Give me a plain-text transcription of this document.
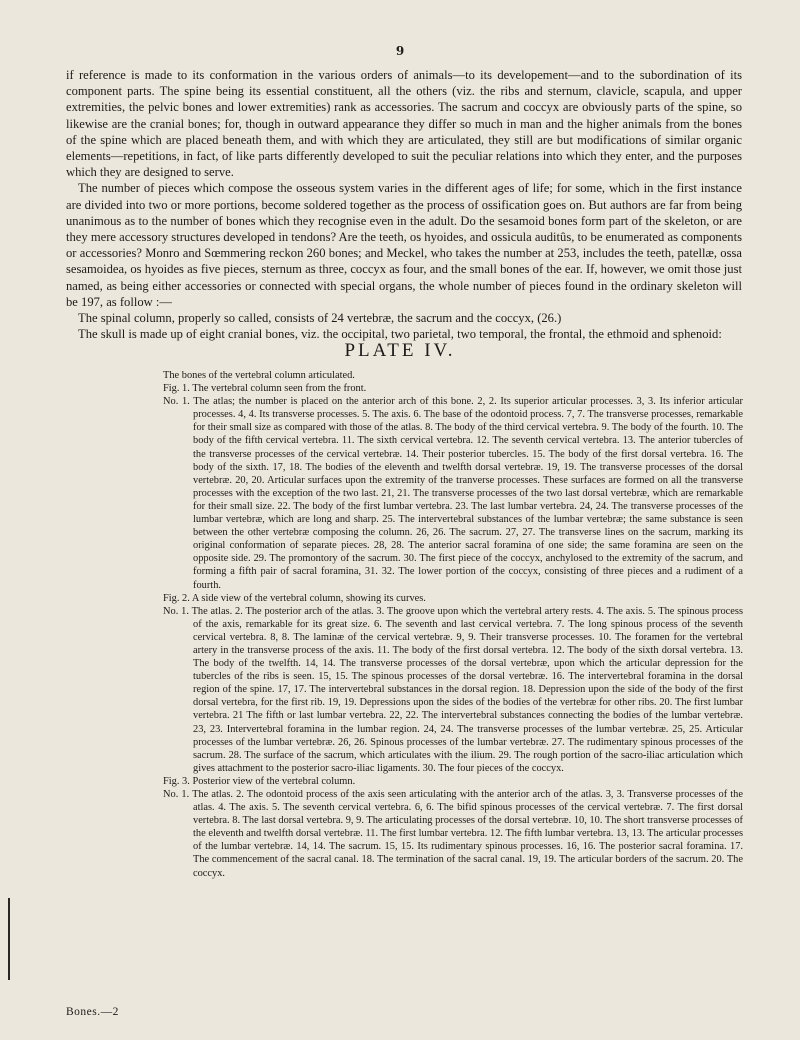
9

if reference is made to its conformation in the various orders of animals—to its developement—and to the subordination of its component parts. The spine being its essential constituent, all the others (viz. the ribs and sternum, clavicle, scapula, and upper extremities, the pelvic bones and lower extremities) rank as accessories. The sacrum and coccyx are obviously parts of the spine, so likewise are the cranial bones; for, though in outward appearance they differ so much in man and the higher animals from the bones of the spine which are placed beneath them, and with which they are articulated, they still are but modifications of similar organic elements—repetitions, in fact, of like parts differently developed to suit the peculiar relations into which they enter, and the purposes which they are designed to serve.

The number of pieces which compose the osseous system varies in the different ages of life; for some, which in the first instance are divided into two or more portions, become soldered together as the process of ossification goes on. But authors are far from being unanimous as to the number of bones which they recognise even in the adult. Do the sesamoid bones form part of the skeleton, or are they mere accessory structures developed in tendons? Are the teeth, os hyoides, and ossicula auditûs, to be enumerated as components or accessories? Monro and Sœmmering reckon 260 bones; and Meckel, who takes the number at 253, includes the teeth, patellæ, ossa sesamoidea, os hyoides as five pieces, sternum as three, coccyx as four, and the small bones of the ear. If, however, we omit those just named, as being either accessories or connected with special organs, the whole number of pieces found in the ordinary skeleton will be 197, as follow :—

The spinal column, properly so called, consists of 24 vertebræ, the sacrum and the coccyx, (26.)

The skull is made up of eight cranial bones, viz. the occipital, two parietal, two temporal, the frontal, the ethmoid and sphenoid:

PLATE IV.

The bones of the vertebral column articulated.

Fig. 1. The vertebral column seen from the front.

No. 1. The atlas; the number is placed on the anterior arch of this bone. 2, 2. Its superior articular processes. 3, 3. Its inferior articular processes. 4, 4. Its transverse processes. 5. The axis. 6. The base of the odontoid process. 7, 7. The transverse processes, remarkable for their small size as compared with those of the atlas. 8. The body of the third cervical vertebra. 9. The body of the fourth. 10. The body of the fifth cervical vertebra. 11. The sixth cervical vertebra. 12. The seventh cervical vertebra. 13. The anterior tubercles of the transverse processes of the cervical vertebræ. 14. Their posterior tubercles. 15. The body of the first dorsal vertebra. 16. The body of the sixth. 17, 18. The bodies of the eleventh and twelfth dorsal vertebræ. 19, 19. The transverse processes of the dorsal vertebræ. 20, 20. Articular surfaces upon the extremity of the tranverse processes. These surfaces are formed on all the transverse processes with the exception of the two last. 21, 21. The transverse processes of the two last dorsal vertebræ, which are remarkable for their small size. 22. The body of the first lumbar vertebra. 23. The last lumbar vertebra. 24, 24. The transverse processes of the lumbar vertebræ, which are long and sharp. 25. The intervertebral substances of the lumbar vertebræ; the same substance is seen between the other vertebræ composing the column. 26, 26. The sacrum. 27, 27. The transverse lines on the sacrum, marking its original conformation of separate pieces. 28, 28. The anterior sacral foramina of one side; the same foramina are seen on the opposite side. 29. The promontory of the sacrum. 30. The first piece of the coccyx, anchylosed to the extremity of the sacrum, and forming a fifth pair of sacral foramina, 31. 32. The lower portion of the coccyx, consisting of three pieces and a rudiment of a fourth.

Fig. 2. A side view of the vertebral column, showing its curves.

No. 1. The atlas. 2. The posterior arch of the atlas. 3. The groove upon which the vertebral artery rests. 4. The axis. 5. The spinous process of the axis, remarkable for its great size. 6. The seventh and last cervical vertebra. 7. The long spinous process of the seventh cervical vertebra. 8, 8. The laminæ of the cervical vertebræ. 9, 9. Their transverse processes. 10. The foramen for the vertebral artery in the transverse process of the axis. 11. The body of the first dorsal vertebra. 12. The body of the sixth dorsal vertebra. 13. The body of the twelfth. 14, 14. The transverse processes of the dorsal vertebræ, upon which the articular depression for the tubercles of the ribs is seen. 15, 15. The spinous processes of the dorsal vertebræ. 16. The intervertebral foramina in the dorsal region of the spine. 17, 17. The intervertebral substances in the dorsal region. 18. Depression upon the side of the body of the first dorsal vertebra, for the first rib. 19, 19. Depressions upon the sides of the bodies of the vertebræ for other ribs. 20. The first lumbar vertebra. 21 The fifth or last lumbar vertebra. 22, 22. The intervertebral substances connecting the bodies of the lumbar vertebræ. 23, 23. Intervertebral foramina in the lumbar region. 24, 24. The transverse processes of the lumbar vertebræ. 25, 25. Articular processes of the lumbar vertebræ. 26, 26. Spinous processes of the lumbar vertebræ. 27. The rudimentary spinous processes of the sacrum. 28. The surface of the sacrum, which articulates with the ilium. 29. The rough portion of the sacro-iliac articulation which gives attachment to the posterior sacro-iliac ligaments. 30. The four pieces of the coccyx.

Fig. 3. Posterior view of the vertebral column.

No. 1. The atlas. 2. The odontoid process of the axis seen articulating with the anterior arch of the atlas. 3, 3. Transverse processes of the atlas. 4. The axis. 5. The seventh cervical vertebra. 6, 6. The bifid spinous processes of the cervical vertebræ. 7. The first dorsal vertebra. 8. The last dorsal vertebra. 9, 9. The articulating processes of the dorsal vertebræ. 10, 10. The short transverse processes of the eleventh and twelfth dorsal vertebræ. 11. The first lumbar vertebra. 12. The fifth lumbar vertebra. 13, 13. The articular processes of the lumbar vertebræ. 14, 14. The sacrum. 15, 15. Its rudimentary spinous processes. 16, 16. The posterior sacral foramina. 17. The commencement of the sacral canal. 18. The termination of the sacral canal. 19, 19. The articular borders of the sacrum. 20. The coccyx.

Bones.—2
